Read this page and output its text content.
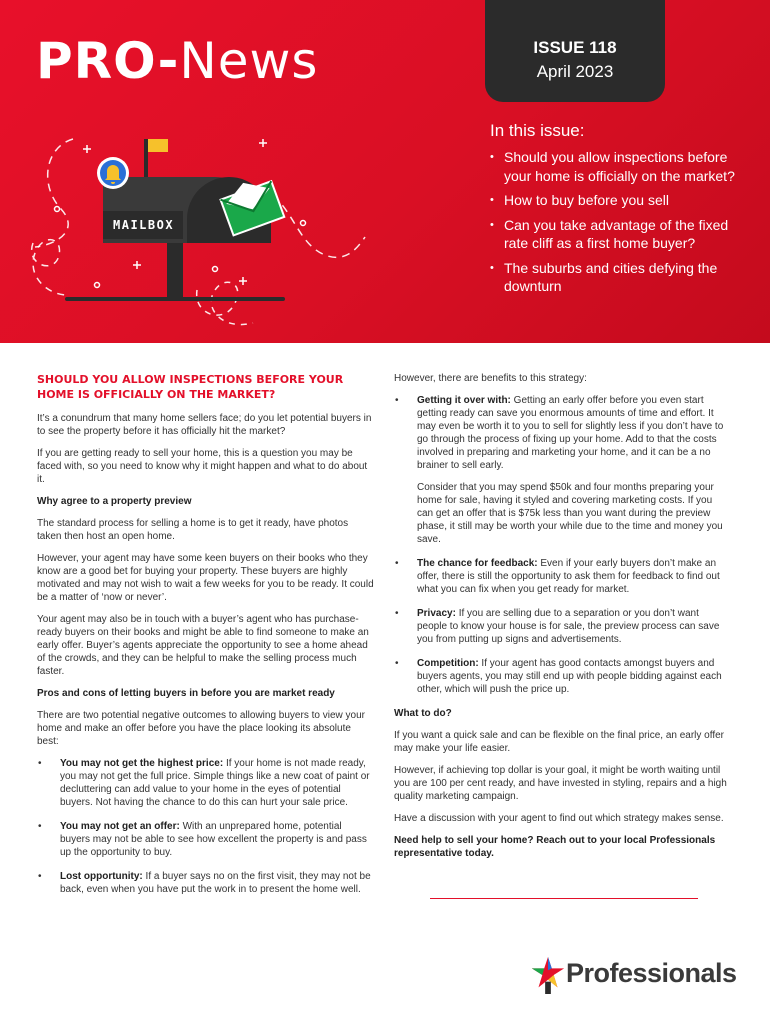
PRO-News	ISSUE 118
April 2023
MAILBOX
In this issue:
• Should you allow inspections before your home is officially on the market?
• How to buy before you sell
• Can you take advantage of the fixed rate cliff as a first home buyer?
• The suburbs and cities defying the downturn
SHOULD YOU ALLOW INSPECTIONS BEFORE YOUR HOME IS OFFICIALLY ON THE MARKET?

It’s a conundrum that many home sellers face; do you let potential buyers in to see the property before it has officially hit the market?

If you are getting ready to sell your home, this is a question you may be faced with, so you need to know why it might happen and what to do about it.

Why agree to a property preview

The standard process for selling a home is to get it ready, have photos taken then host an open home.

However, your agent may have some keen buyers on their books who they know are a good bet for buying your property. These buyers are highly motivated and may not wish to wait a few weeks for you to be ready. It could be a matter of ‘now or never’.

Your agent may also be in touch with a buyer’s agent who has purchase-ready buyers on their books and might be able to find someone to make an early offer. Buyer’s agents appreciate the opportunity to see a home ahead of the crowds, and they can be helpful to make the selling process much faster.

Pros and cons of letting buyers in before you are market ready

There are two potential negative outcomes to allowing buyers to view your home and make an offer before you have the place looking its absolute best:

• You may not get the highest price: If your home is not made ready, you may not get the full price. Simple things like a new coat of paint or decluttering can add value to your home in the eyes of potential buyers. Not having the chance to do this can hurt your sale price.
• You may not get an offer: With an unprepared home, potential buyers may not be able to see how excellent the property is and pass up the opportunity to buy.
• Lost opportunity: If a buyer says no on the first visit, they may not be back, even when you have put the work in to present the home well.

However, there are benefits to this strategy:

• Getting it over with: Getting an early offer before you even start getting ready can save you enormous amounts of time and effort. It may even be worth it to you to sell for slightly less if you don’t have to go through the process of fixing up your home. Add to that the costs involved in preparing and marketing your home, and it can be a no brainer to sell early.
Consider that you may spend $50k and four months preparing your home for sale, having it styled and covering marketing costs. If you can get an offer that is $75k less than you want during the preview phase, it still may be worth your while due to the time and money you save.
• The chance for feedback: Even if your early buyers don’t make an offer, there is still the opportunity to ask them for feedback to find out what you can fix when you get ready for market.
• Privacy: If you are selling due to a separation or you don’t want people to know your house is for sale, the preview process can save you from putting up signs and advertisements.
• Competition: If your agent has good contacts amongst buyers and buyers agents, you may still end up with people bidding against each other, which will push the price up.

What to do?

If you want a quick sale and can be flexible on the final price, an early offer may make your life easier.

However, if achieving top dollar is your goal, it might be worth waiting until you are 100 per cent ready, and have invested in styling, repairs and a high quality marketing campaign.

Have a discussion with your agent to find out which strategy makes sense.

Need help to sell your home? Reach out to your local Professionals representative today.

Professionals
